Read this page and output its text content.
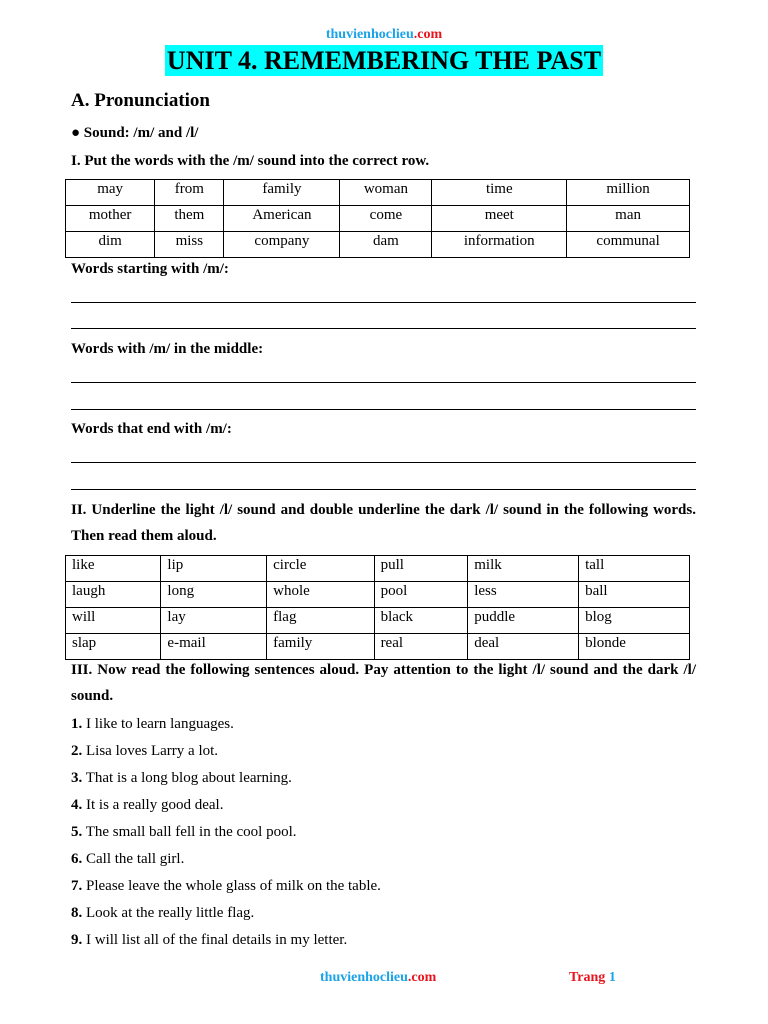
thuvienhoclieu.com
UNIT 4. REMEMBERING THE PAST
A. Pronunciation
● Sound: /m/ and /l/
I. Put the words with the /m/ sound into the correct row.
may	from	family	woman	time	million
mother	them	American	come	meet	man
dim	miss	company	dam	information	communal
Words starting with /m/:
Words with /m/ in the middle:
Words that end with /m/:
II. Underline the light /l/ sound and double underline the dark /l/ sound in the following words. Then read them aloud.
like	lip	circle	pull	milk	tall
laugh	long	whole	pool	less	ball
will	lay	flag	black	puddle	blog
slap	e-mail	family	real	deal	blonde
III. Now read the following sentences aloud. Pay attention to the light /l/ sound and the dark /l/ sound.
1. I like to learn languages.
2. Lisa loves Larry a lot.
3. That is a long blog about learning.
4. It is a really good deal.
5. The small ball fell in the cool pool.
6. Call the tall girl.
7. Please leave the whole glass of milk on the table.
8. Look at the really little flag.
9. I will list all of the final details in my letter.
thuvienhoclieu.com	Trang 1
